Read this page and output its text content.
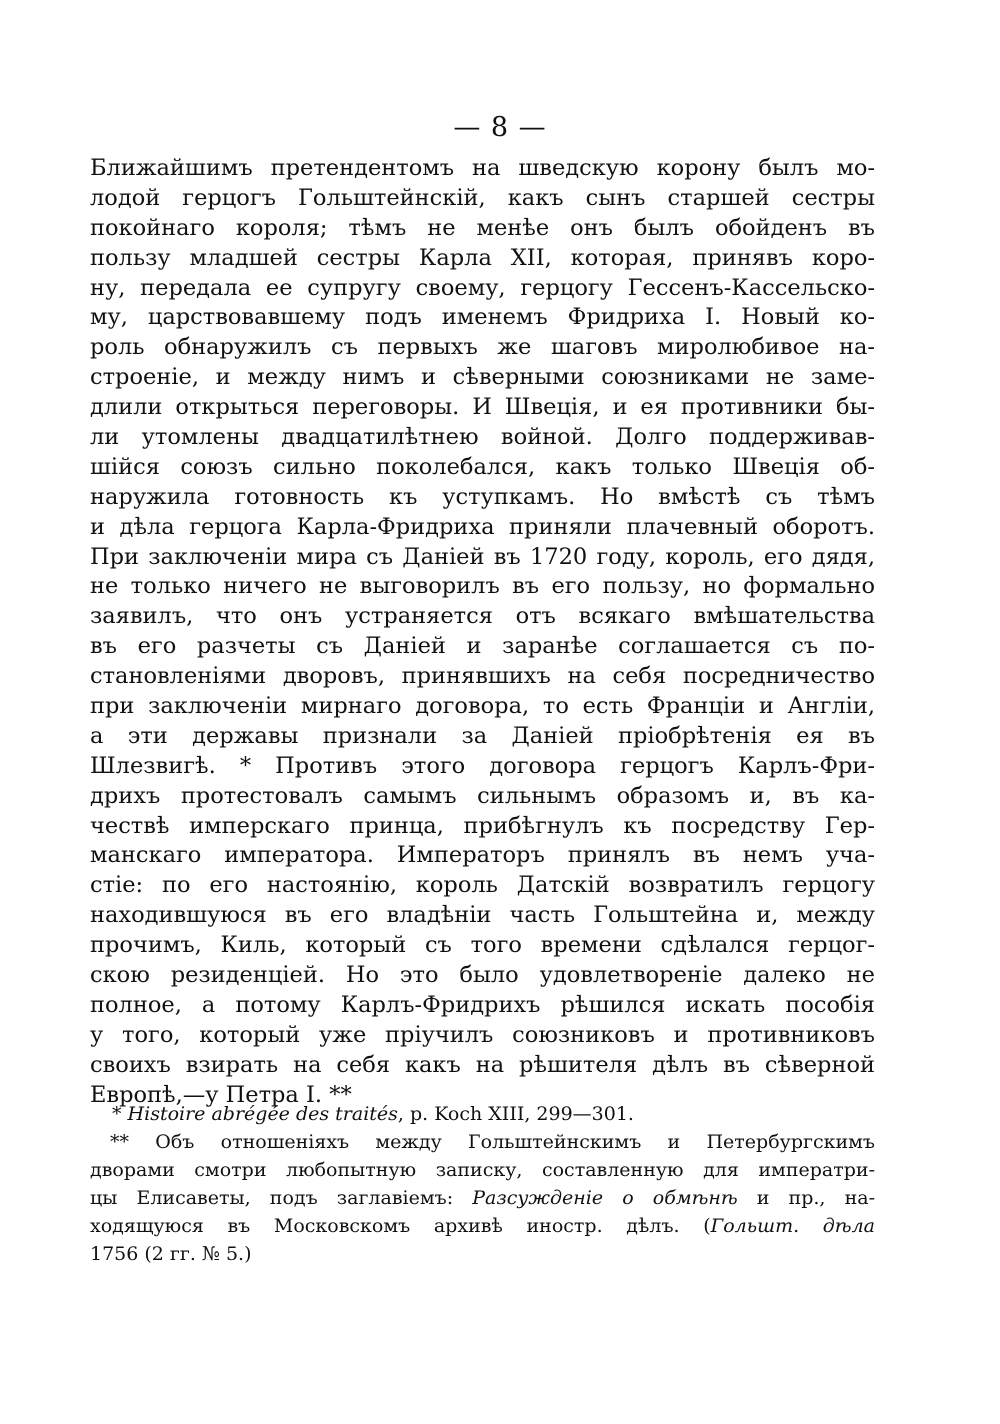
— 8 —
Ближайшимъ претендентомъ на шведскую корону былъ мо-
лодой герцогъ Гольштейнскій, какъ сынъ старшей сестры
покойнаго короля; тѣмъ не менѣе онъ былъ обойденъ въ
пользу младшей сестры Карла XII, которая, принявъ коро-
ну, передала ее супругу своему, герцогу Гессенъ-Кассельско-
му, царствовавшему подъ именемъ Фридриха I. Новый ко-
роль обнаружилъ съ первыхъ же шаговъ миролюбивое на-
строеніе, и между нимъ и сѣверными союзниками не заме-
длили открыться переговоры. И Швеція, и ея противники бы-
ли утомлены двадцатилѣтнею войной. Долго поддерживав-
шійся союзъ сильно поколебался, какъ только Швеція об-
наружила готовность къ уступкамъ. Но вмѣстѣ съ тѣмъ
и дѣла герцога Карла-Фридриха приняли плачевный оборотъ.
При заключеніи мира съ Даніей въ 1720 году, король, его дядя,
не только ничего не выговорилъ въ его пользу, но формально
заявилъ, что онъ устраняется отъ всякаго вмѣшательства
въ его разчеты съ Даніей и заранѣе соглашается съ по-
становленіями дворовъ, принявшихъ на себя посредничество
при заключеніи мирнаго договора, то есть Франціи и Англіи,
а эти державы признали за Даніей пріобрѣтенія ея въ
Шлезвигѣ. * Противъ этого договора герцогъ Карлъ-Фри-
дрихъ протестовалъ самымъ сильнымъ образомъ и, въ ка-
чествѣ имперскаго принца, прибѣгнулъ къ посредству Гер-
манскаго императора. Императоръ принялъ въ немъ уча-
стіе: по его настоянію, король Датскій возвратилъ герцогу
находившуюся въ его владѣніи часть Гольштейна и, между
прочимъ, Киль, который съ того времени сдѣлался герцог-
скою резиденціей. Но это было удовлетвореніе далеко не
полное, а потому Карлъ-Фридрихъ рѣшился искать пособія
у того, который уже пріучилъ союзниковъ и противниковъ
своихъ взирать на себя какъ на рѣшителя дѣлъ въ сѣверной
Европѣ,—у Петра I. **
* Histoire abrégée des traités, p. Koch XIII, 299—301.
** Объ отношеніяхъ между Гольштейнскимъ и Петербургскимъ
дворами смотри любопытную записку, составленную для императри-
цы Елисаветы, подъ заглавіемъ: Разсужденіе о обмѣнѣ и пр., на-
ходящуюся въ Московскомъ архивѣ иностр. дѣлъ. (Гольшт. дѣла
1756 (2 гг. № 5.)
